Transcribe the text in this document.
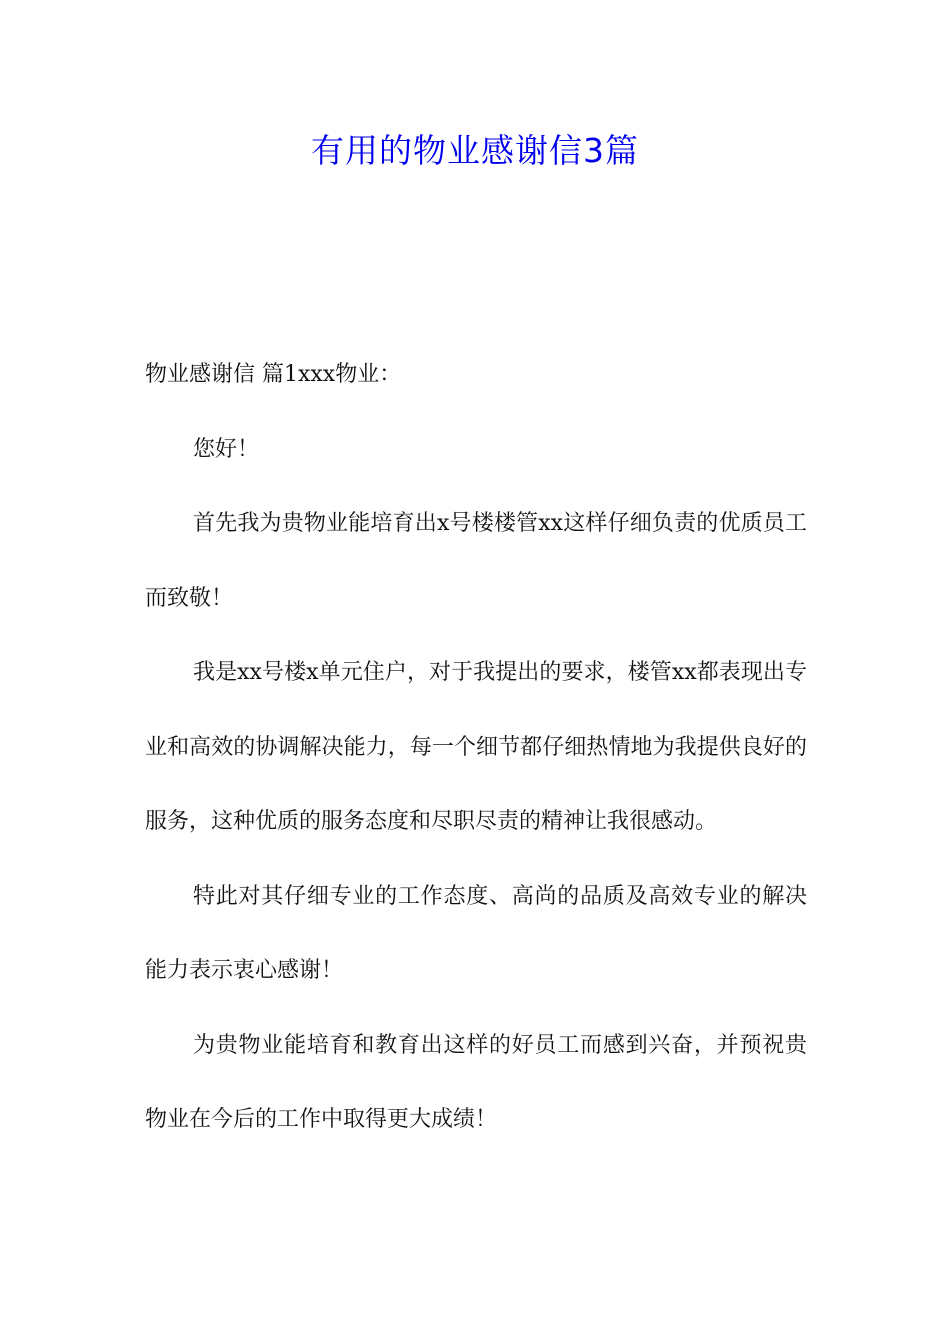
有用的物业感谢信3篇

物业感谢信 篇1xxx物业：

您好！

首先我为贵物业能培育出x号楼楼管xx这样仔细负责的优质员工而致敬！

我是xx号楼x单元住户，对于我提出的要求，楼管xx都表现出专业和高效的协调解决能力，每一个细节都仔细热情地为我提供良好的服务，这种优质的服务态度和尽职尽责的精神让我很感动。

特此对其仔细专业的工作态度、高尚的品质及高效专业的解决能力表示衷心感谢！

为贵物业能培育和教育出这样的好员工而感到兴奋，并预祝贵物业在今后的工作中取得更大成绩！
